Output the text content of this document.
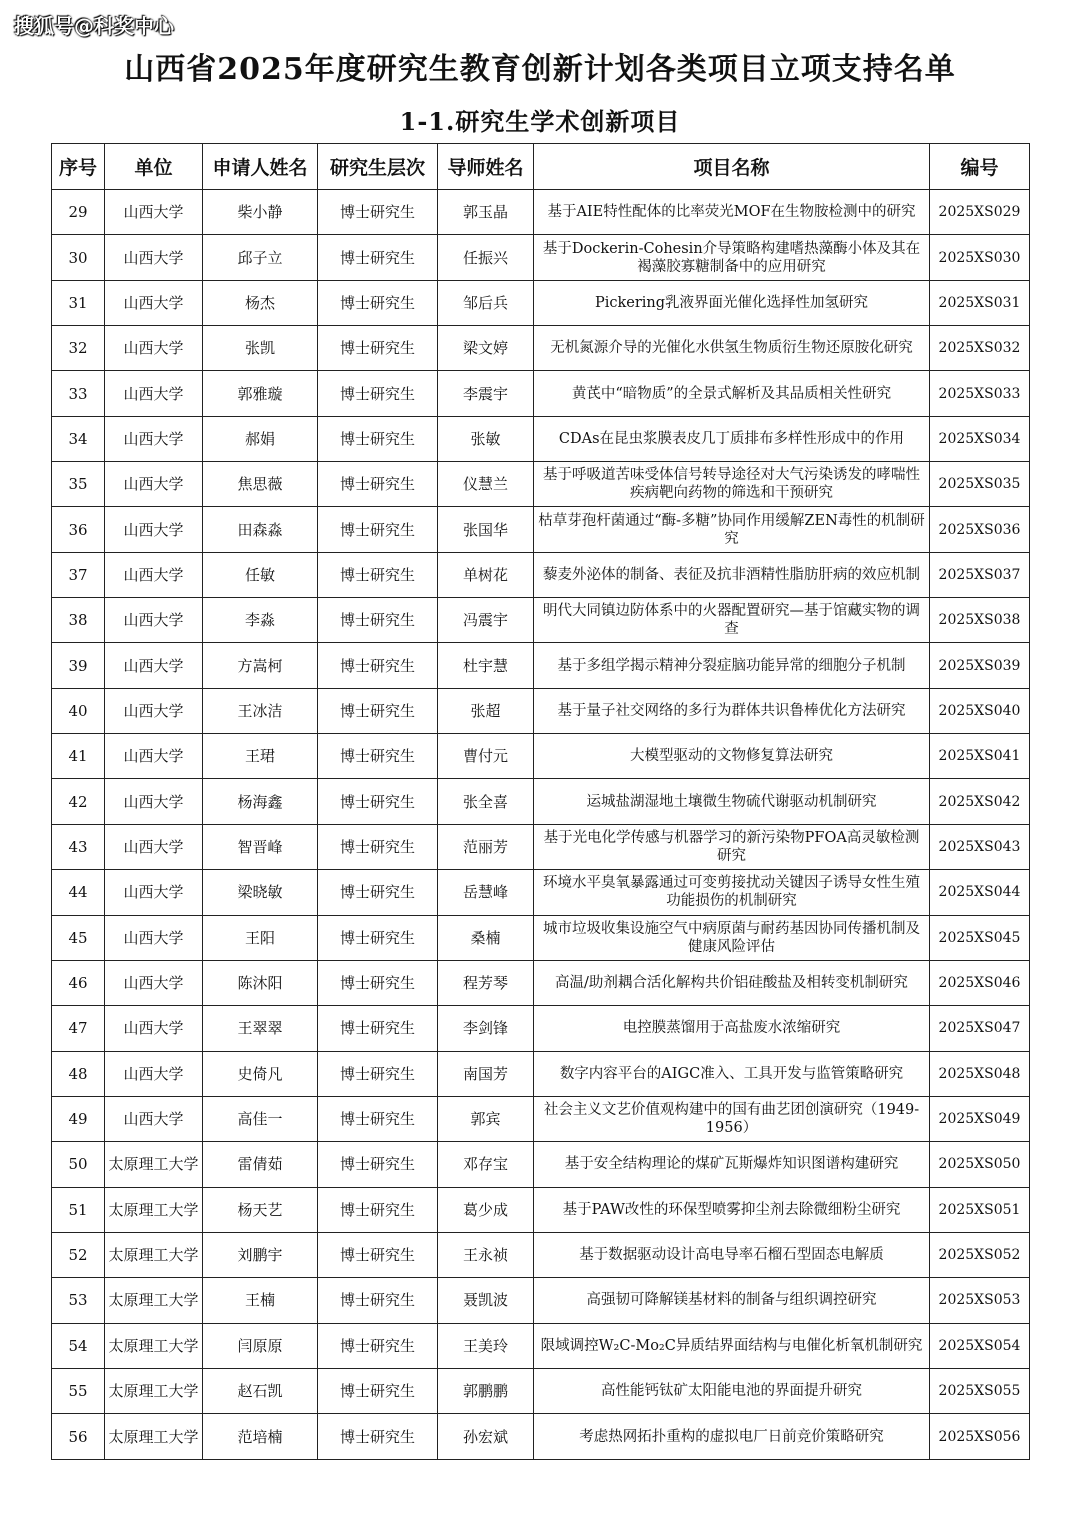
搜狐号@科奖中心
山西省2025年度研究生教育创新计划各类项目立项支持名单
1-1.研究生学术创新项目
序号	单位	申请人姓名	研究生层次	导师姓名	项目名称	编号
29	山西大学	柴小静	博士研究生	郭玉晶	基于AIE特性配体的比率荧光MOF在生物胺检测中的研究	2025XS029
30	山西大学	邱子立	博士研究生	任振兴	基于Dockerin-Cohesin介导策略构建嗜热藻酶小体及其在褐藻胶寡糖制备中的应用研究	2025XS030
31	山西大学	杨杰	博士研究生	邹后兵	Pickering乳液界面光催化选择性加氢研究	2025XS031
32	山西大学	张凯	博士研究生	梁文婷	无机氮源介导的光催化水供氢生物质衍生物还原胺化研究	2025XS032
33	山西大学	郭雅璇	博士研究生	李震宇	黄芪中“暗物质”的全景式解析及其品质相关性研究	2025XS033
34	山西大学	郝娟	博士研究生	张敏	CDAs在昆虫浆膜表皮几丁质排布多样性形成中的作用	2025XS034
35	山西大学	焦思薇	博士研究生	仪慧兰	基于呼吸道苦味受体信号转导途径对大气污染诱发的哮喘性疾病靶向药物的筛选和干预研究	2025XS035
36	山西大学	田森淼	博士研究生	张国华	枯草芽孢杆菌通过“酶-多糖”协同作用缓解ZEN毒性的机制研究	2025XS036
37	山西大学	任敏	博士研究生	单树花	藜麦外泌体的制备、表征及抗非酒精性脂肪肝病的效应机制	2025XS037
38	山西大学	李淼	博士研究生	冯震宇	明代大同镇边防体系中的火器配置研究—基于馆藏实物的调查	2025XS038
39	山西大学	方嵩柯	博士研究生	杜宇慧	基于多组学揭示精神分裂症脑功能异常的细胞分子机制	2025XS039
40	山西大学	王冰洁	博士研究生	张超	基于量子社交网络的多行为群体共识鲁棒优化方法研究	2025XS040
41	山西大学	王珺	博士研究生	曹付元	大模型驱动的文物修复算法研究	2025XS041
42	山西大学	杨海鑫	博士研究生	张全喜	运城盐湖湿地土壤微生物硫代谢驱动机制研究	2025XS042
43	山西大学	智晋峰	博士研究生	范丽芳	基于光电化学传感与机器学习的新污染物PFOA高灵敏检测研究	2025XS043
44	山西大学	梁晓敏	博士研究生	岳慧峰	环境水平臭氧暴露通过可变剪接扰动关键因子诱导女性生殖功能损伤的机制研究	2025XS044
45	山西大学	王阳	博士研究生	桑楠	城市垃圾收集设施空气中病原菌与耐药基因协同传播机制及健康风险评估	2025XS045
46	山西大学	陈沐阳	博士研究生	程芳琴	高温/助剂耦合活化解构共价铝硅酸盐及相转变机制研究	2025XS046
47	山西大学	王翠翠	博士研究生	李剑锋	电控膜蒸馏用于高盐废水浓缩研究	2025XS047
48	山西大学	史倚凡	博士研究生	南国芳	数字内容平台的AIGC准入、工具开发与监管策略研究	2025XS048
49	山西大学	高佳一	博士研究生	郭宾	社会主义文艺价值观构建中的国有曲艺团创演研究（1949-1956）	2025XS049
50	太原理工大学	雷倩茹	博士研究生	邓存宝	基于安全结构理论的煤矿瓦斯爆炸知识图谱构建研究	2025XS050
51	太原理工大学	杨天艺	博士研究生	葛少成	基于PAW改性的环保型喷雾抑尘剂去除微细粉尘研究	2025XS051
52	太原理工大学	刘鹏宇	博士研究生	王永祯	基于数据驱动设计高电导率石榴石型固态电解质	2025XS052
53	太原理工大学	王楠	博士研究生	聂凯波	高强韧可降解镁基材料的制备与组织调控研究	2025XS053
54	太原理工大学	闫原原	博士研究生	王美玲	限域调控W₂C-Mo₂C异质结界面结构与电催化析氧机制研究	2025XS054
55	太原理工大学	赵石凯	博士研究生	郭鹏鹏	高性能钙钛矿太阳能电池的界面提升研究	2025XS055
56	太原理工大学	范培楠	博士研究生	孙宏斌	考虑热网拓扑重构的虚拟电厂日前竞价策略研究	2025XS056
